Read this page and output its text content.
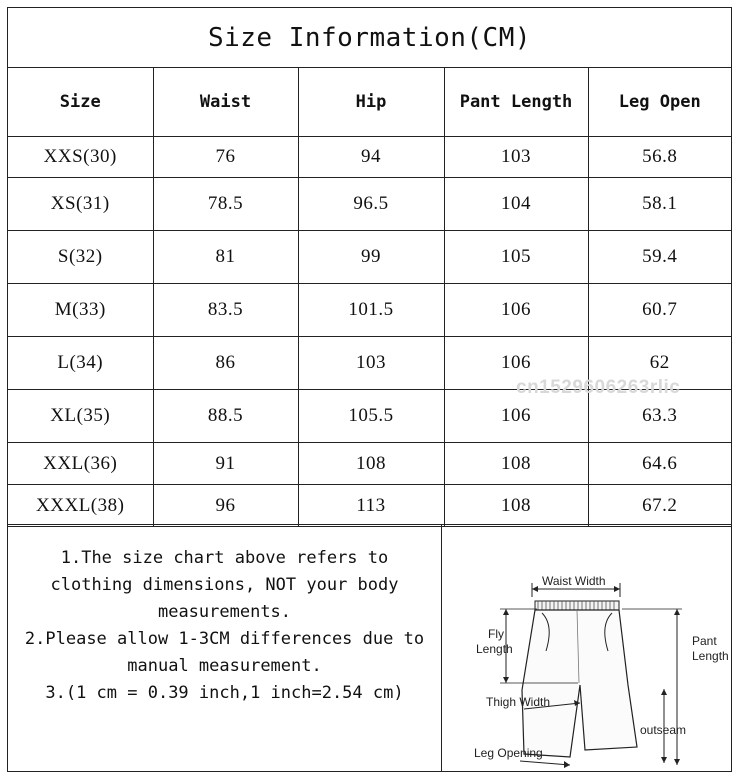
Size Information(CM)
Size	Waist	Hip	Pant Length	Leg Open
XXS(30)	76	94	103	56.8
XS(31)	78.5	96.5	104	58.1
S(32)	81	99	105	59.4
M(33)	83.5	101.5	106	60.7
L(34)	86	103	106	62
XL(35)	88.5	105.5	106	63.3
XXL(36)	91	108	108	64.6
XXXL(38)	96	113	108	67.2

1.The size chart above refers to clothing dimensions, NOT your body measurements.

2.Please allow 1-3CM differences due to manual measurement.

3.(1 cm = 0.39 inch,1 inch=2.54 cm)

Waist Width
Fly
Length
Pant
Length
outseam
Thigh Width
Leg Opening
cn1529606263rlic
